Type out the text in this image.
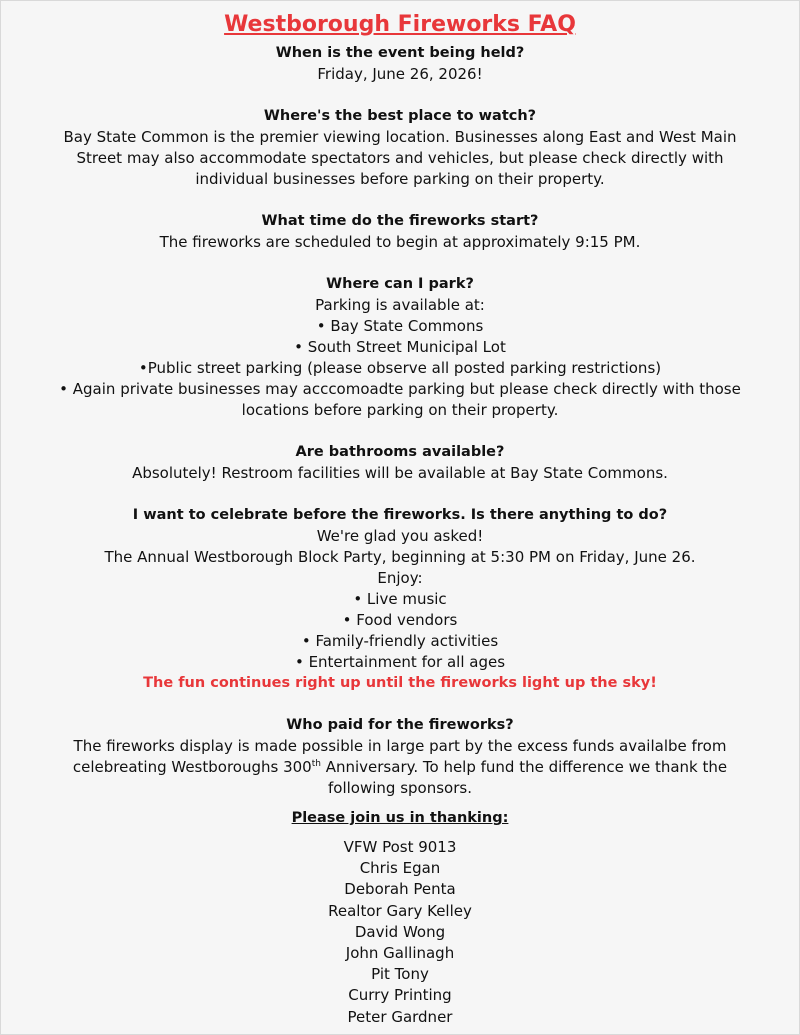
Westborough Fireworks FAQ

When is the event being held?

Friday, June 26, 2026!

Where's the best place to watch?

Bay State Common is the premier viewing location. Businesses along East and West Main Street may also accommodate spectators and vehicles, but please check directly with individual businesses before parking on their property.

What time do the fireworks start?

The fireworks are scheduled to begin at approximately 9:15 PM.

Where can I park?

Parking is available at:

• Bay State Commons

• South Street Municipal Lot

•Public street parking (please observe all posted parking restrictions)

• Again private businesses may acccomoadte parking but please check directly with those locations before parking on their property.

Are bathrooms available?

Absolutely! Restroom facilities will be available at Bay State Commons.

I want to celebrate before the fireworks. Is there anything to do?

We're glad you asked!

The Annual Westborough Block Party, beginning at 5:30 PM on Friday, June 26.

Enjoy:

• Live music

• Food vendors

• Family-friendly activities

• Entertainment for all ages

The fun continues right up until the fireworks light up the sky!

Who paid for the fireworks?

The fireworks display is made possible in large part by the excess funds availalbe from celebreating Westboroughs 300th Anniversary. To help fund the difference we thank the following sponsors.

Please join us in thanking:

VFW Post 9013

Chris Egan

Deborah Penta

Realtor Gary Kelley

David Wong

John Gallinagh

Pit Tony

Curry Printing

Peter Gardner
